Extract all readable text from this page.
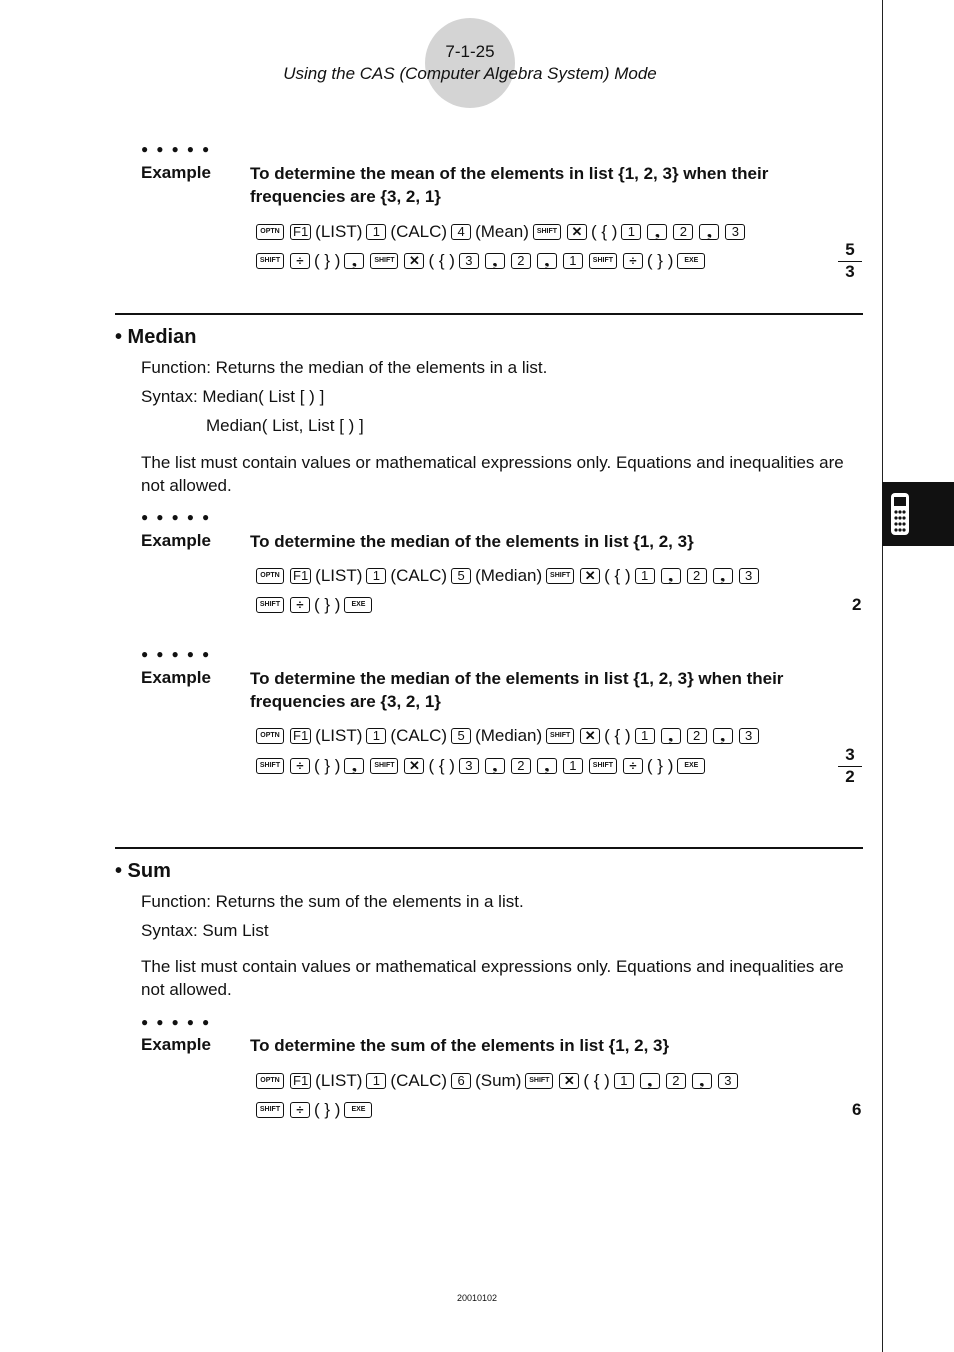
7-1-25
Using the CAS (Computer Algebra System) Mode
●●●●●
Example To determine the mean of the elements in list {1, 2, 3} when their frequencies are {3, 2, 1}
OPTN	F1 (LIST) 1 (CALC) 4 (Mean)	SHIFT	✕ ( { ) 1	❟	2	❟	3
SHIFT	÷ ( } ) ❟	SHIFT	✕ ( { ) 3	❟	2	❟	1	SHIFT	÷ ( } )	EXE	$\frac{5}{3}$
• Median
Function: Returns the median of the elements in a list.
Syntax: Median( List [ ) ]
Median( List, List [ ) ]
The list must contain values or mathematical expressions only. Equations and inequalities are not allowed.
●●●●●
Example To determine the median of the elements in list {1, 2, 3}
OPTN	F1 (LIST) 1 (CALC) 5 (Median)	SHIFT	✕ ( { ) 1	❟	2	❟	3
SHIFT	÷ ( } )	EXE	2
●●●●●
Example To determine the median of the elements in list {1, 2, 3} when their frequencies are {3, 2, 1}
OPTN	F1 (LIST) 1 (CALC) 5 (Median)	SHIFT	✕ ( { ) 1	❟	2	❟	3
SHIFT	÷ ( } ) ❟	SHIFT	✕ ( { ) 3	❟	2	❟	1	SHIFT	÷ ( } )	EXE	$\frac{3}{2}$
• Sum
Function: Returns the sum of the elements in a list.
Syntax: Sum List
The list must contain values or mathematical expressions only. Equations and inequalities are not allowed.
●●●●●
Example To determine the sum of the elements in list {1, 2, 3}
OPTN	F1 (LIST) 1 (CALC) 6 (Sum)	SHIFT	✕ ( { ) 1	❟	2	❟	3
SHIFT	÷ ( } )	EXE	6
20010102
